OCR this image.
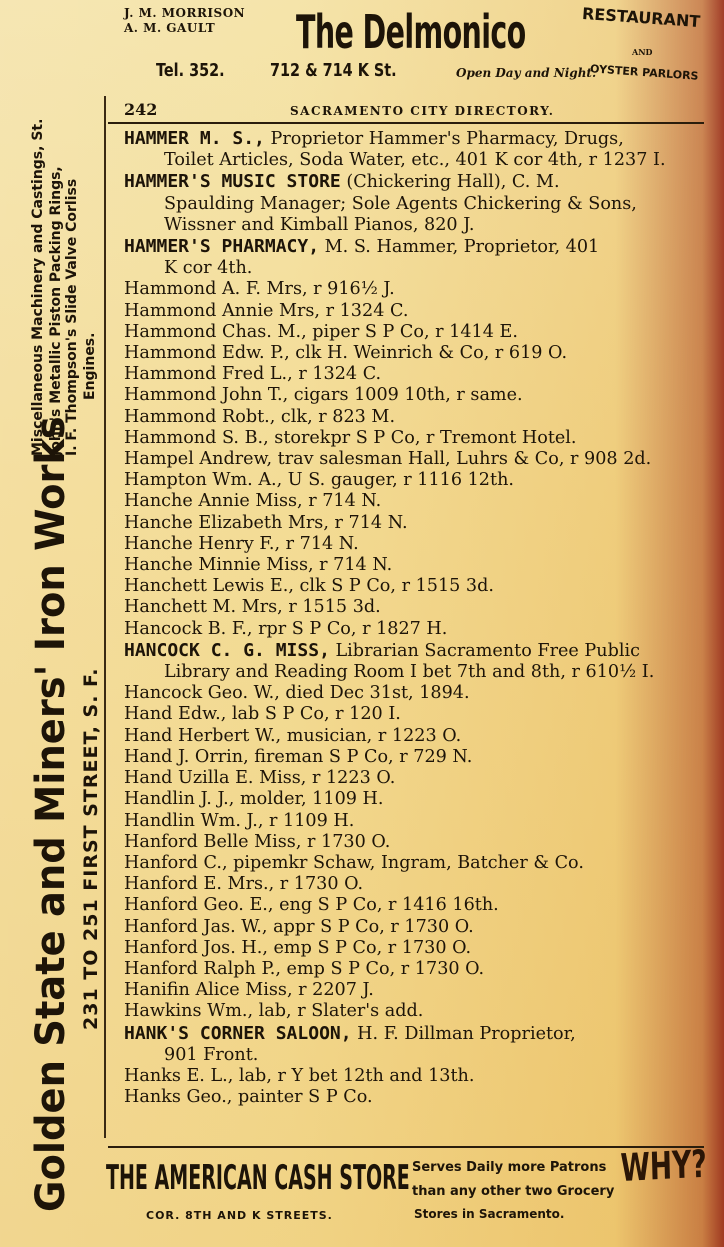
J. M. MORRISON
A. M. GAULT	The Delmonico	RESTAURANT
AND
Tel. 352.	712 & 714 K St.	Open Day and Night.
OYSTER PARLORS
Miscellaneous Machinery and Castings, St. John's Metallic Piston Packing Rings, I. F. Thompson's Slide Valve Corliss Engines.
Golden State and Miners' Iron Works 231 TO 251 FIRST STREET, S. F.
242	SACRAMENTO CITY DIRECTORY.
HAMMER M. S., Proprietor Hammer's Pharmacy, Drugs,
Toilet Articles, Soda Water, etc., 401 K cor 4th, r 1237 I.
HAMMER'S MUSIC STORE (Chickering Hall), C. M.
Spaulding Manager; Sole Agents Chickering & Sons,
Wissner and Kimball Pianos, 820 J.
HAMMER'S PHARMACY, M. S. Hammer, Proprietor, 401
K cor 4th.
Hammond A. F. Mrs, r 916½ J.
Hammond Annie Mrs, r 1324 C.
Hammond Chas. M., piper S P Co, r 1414 E.
Hammond Edw. P., clk H. Weinrich & Co, r 619 O.
Hammond Fred L., r 1324 C.
Hammond John T., cigars 1009 10th, r same.
Hammond Robt., clk, r 823 M.
Hammond S. B., storekpr S P Co, r Tremont Hotel.
Hampel Andrew, trav salesman Hall, Luhrs & Co, r 908 2d.
Hampton Wm. A., U S. gauger, r 1116 12th.
Hanche Annie Miss, r 714 N.
Hanche Elizabeth Mrs, r 714 N.
Hanche Henry F., r 714 N.
Hanche Minnie Miss, r 714 N.
Hanchett Lewis E., clk S P Co, r 1515 3d.
Hanchett M. Mrs, r 1515 3d.
Hancock B. F., rpr S P Co, r 1827 H.
HANCOCK C. G. MISS, Librarian Sacramento Free Public
Library and Reading Room I bet 7th and 8th, r 610½ I.
Hancock Geo. W., died Dec 31st, 1894.
Hand Edw., lab S P Co, r 120 I.
Hand Herbert W., musician, r 1223 O.
Hand J. Orrin, fireman S P Co, r 729 N.
Hand Uzilla E. Miss, r 1223 O.
Handlin J. J., molder, 1109 H.
Handlin Wm. J., r 1109 H.
Hanford Belle Miss, r 1730 O.
Hanford C., pipemkr Schaw, Ingram, Batcher & Co.
Hanford E. Mrs., r 1730 O.
Hanford Geo. E., eng S P Co, r 1416 16th.
Hanford Jas. W., appr S P Co, r 1730 O.
Hanford Jos. H., emp S P Co, r 1730 O.
Hanford Ralph P., emp S P Co, r 1730 O.
Hanifin Alice Miss, r 2207 J.
Hawkins Wm., lab, r Slater's add.
HANK'S CORNER SALOON, H. F. Dillman Proprietor,
901 Front.
Hanks E. L., lab, r Y bet 12th and 13th.
Hanks Geo., painter S P Co.
THE AMERICAN CASH STORE Serves Daily more Patrons
than any other two Grocery
WHY?
COR. 8TH AND K STREETS.	Stores in Sacramento.
